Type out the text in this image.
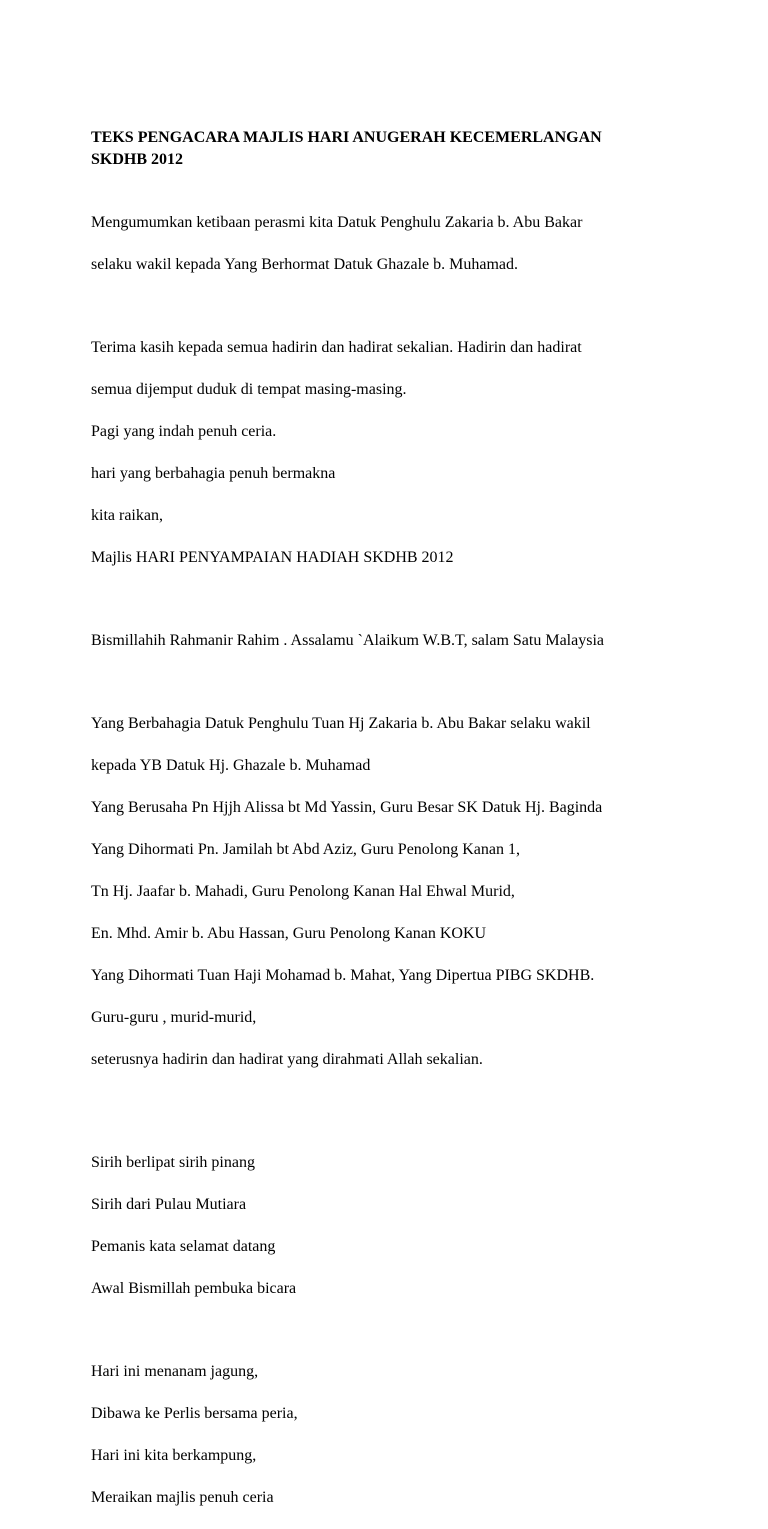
TEKS PENGACARA MAJLIS HARI ANUGERAH KECEMERLANGAN
SKDHB 2012

Mengumumkan ketibaan perasmi kita Datuk Penghulu Zakaria b. Abu Bakar

selaku wakil kepada Yang Berhormat Datuk Ghazale b. Muhamad.

Terima kasih kepada semua hadirin dan hadirat sekalian. Hadirin dan hadirat

semua dijemput duduk di tempat masing-masing.

Pagi yang indah penuh ceria.

hari yang berbahagia penuh bermakna

kita raikan,

Majlis HARI PENYAMPAIAN HADIAH SKDHB 2012

Bismillahih Rahmanir Rahim . Assalamu `Alaikum W.B.T, salam Satu Malaysia

Yang Berbahagia Datuk Penghulu Tuan Hj Zakaria b. Abu Bakar selaku wakil

kepada YB Datuk Hj. Ghazale b. Muhamad

Yang Berusaha Pn Hjjh Alissa bt Md Yassin, Guru Besar SK Datuk Hj. Baginda

Yang Dihormati Pn. Jamilah bt Abd Aziz, Guru Penolong Kanan 1,

Tn Hj. Jaafar b. Mahadi, Guru Penolong Kanan Hal Ehwal Murid,

En. Mhd. Amir b. Abu Hassan, Guru Penolong Kanan KOKU

Yang Dihormati Tuan Haji Mohamad b. Mahat, Yang Dipertua PIBG SKDHB.

Guru-guru , murid-murid,

seterusnya hadirin dan hadirat yang dirahmati Allah sekalian.

Sirih berlipat sirih pinang

Sirih dari Pulau Mutiara

Pemanis kata selamat datang

Awal Bismillah pembuka bicara

Hari ini menanam jagung,

Dibawa ke Perlis bersama peria,

Hari ini kita berkampung,

Meraikan majlis penuh ceria
